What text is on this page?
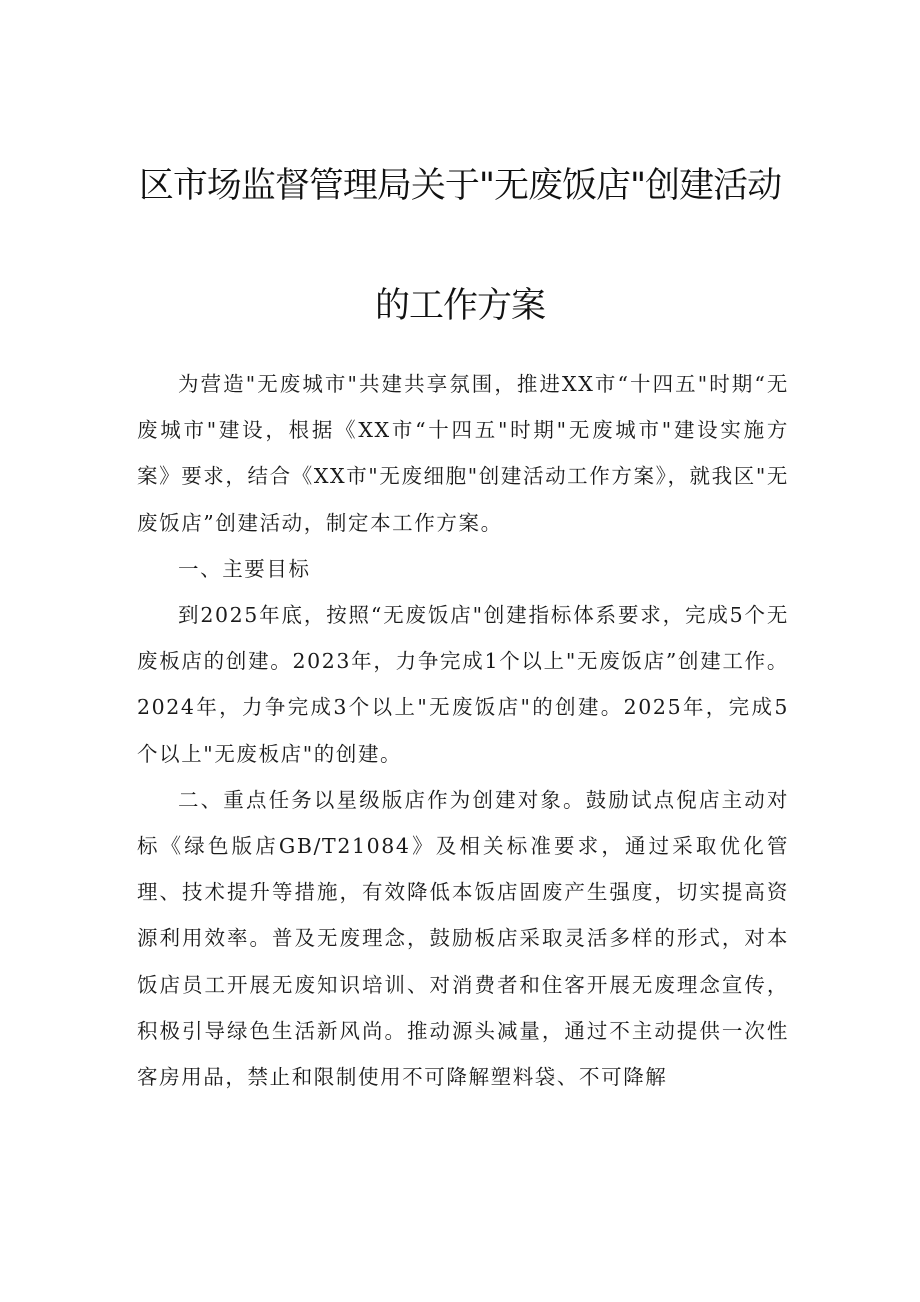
区市场监督管理局关于"无废饭店"创建活动
的工作方案

为营造"无废城市"共建共享氛围，推进XX市“十四五"时期“无废城市"建设，根据《XX市“十四五"时期"无废城市"建设实施方案》要求，结合《XX市"无废细胞"创建活动工作方案》，就我区"无废饭店”创建活动，制定本工作方案。

一、主要目标

到2025年底，按照“无废饭店"创建指标体系要求，完成5个无废板店的创建。2023年，力争完成1个以上"无废饭店”创建工作。2024年，力争完成3个以上"无废饭店"的创建。2025年，完成5个以上"无废板店"的创建。

二、重点任务以星级版店作为创建对象。鼓励试点倪店主动对标《绿色版店GB/T21084》及相关标准要求，通过采取优化管理、技术提升等措施，有效降低本饭店固废产生强度，切实提高资源利用效率。普及无废理念，鼓励板店采取灵活多样的形式，对本饭店员工开展无废知识培训、对消费者和住客开展无废理念宣传，积极引导绿色生活新风尚。推动源头减量，通过不主动提供一次性客房用品，禁止和限制使用不可降解塑料袋、不可降解
